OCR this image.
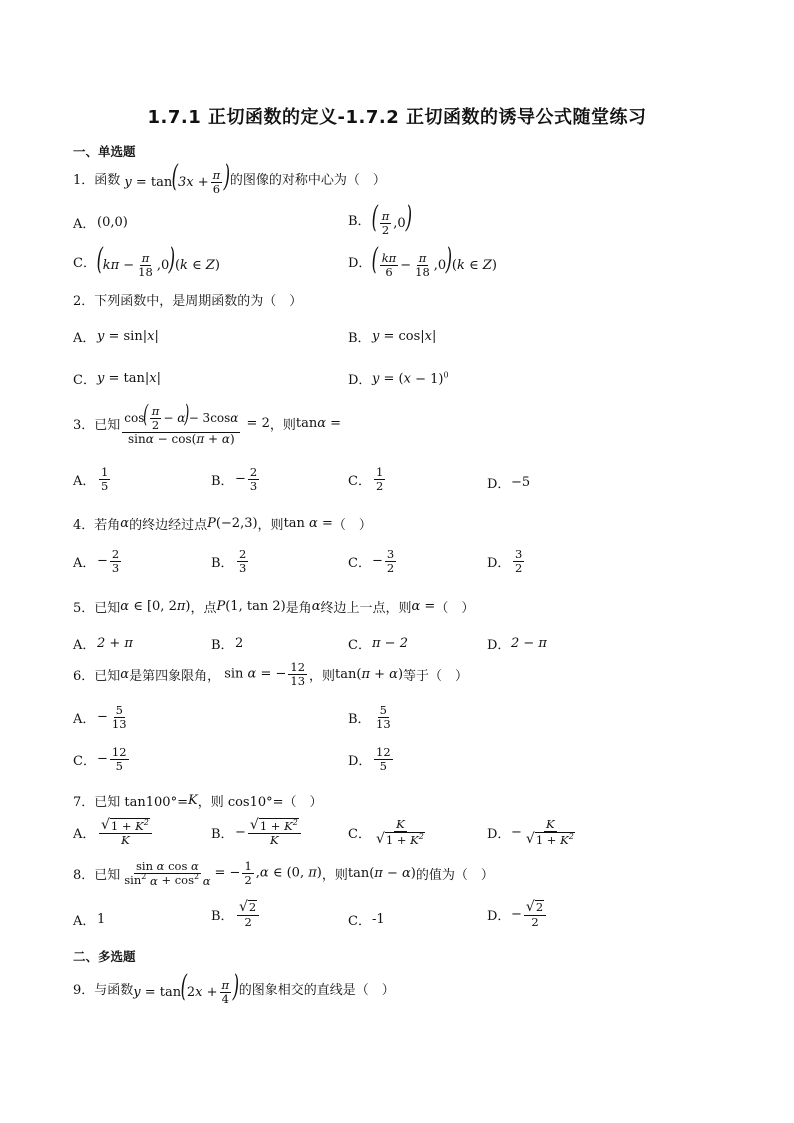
1.7.1 正切函数的定义-1.7.2 正切函数的诱导公式随堂练习
一、单选题
1．函数 $y = \tan(3x + \frac{\pi}{6}$ ) 的图像的对称中心为（　）
A． (0,0)	B． ( $\frac{\pi}{2} ,0$)
C． $(k\pi - \frac{\pi}{18} ,0)(k$ ∈ Z)	D． ( $\frac{k\pi}{6} - \frac{\pi}{18} ,0)(k$ ∈ Z)
2．下列函数中，是周期函数的为（　）
A． y = sin|x|	B． y = cos|x|
C． y = tan|x|	D． $y = (x - 1)^0$
3．已知 $\frac{\cos( \frac{\pi}{2} - \alpha)- 3\cos\alpha}{\sin\alpha - \cos(\pi + \alpha)} = 2$ ，则 tanα =
A． $\frac{1}{5}$	B． − $\frac{2}{3}$	C． $\frac{1}{2}$	D． −5
4．若角 α 的终边经过点 P(−2,3) ，则 tan α = （　）
A． − $\frac{2}{3}$	B． $\frac{2}{3}$	C． − $\frac{3}{2}$	D． $\frac{3}{2}$
5．已知 α ∈ [0, 2π) ，点 P(1, tan 2) 是角 α 终边上一点，则 α = （　）
A． 2 + π	B． 2	C． π − 2	D． 2 − π
6．已知 α 是第四象限角， sin α = − $\frac{12}{13}$ ，则 tan(π + α) 等于（　）
A． − $\frac{5}{13}$	B． $\frac{5}{13}$
C． − $\frac{12}{5}$	D． $\frac{12}{5}$
7．已知 tan100°= K ，则 cos10°=（　）
A． $\frac{√ 1 + K^2}{K}$	B． − $\frac{√ 1 + K^2}{K}$	C． $\frac{K}{√ 1 + K^2}$	D． − $\frac{K}{√ 1 + K^2}$
8．已知 $\frac{\text{sin α cos α}}{\sin^2 \alpha + \cos^2 \alpha}$ = − $\frac{1}{2} ,\alpha$ ∈ (0, π) ，则 tan(π − α) 的值为（　）
A． 1	B． $\frac{√ 2}{2}$	C． -1	D． − $\frac{√ 2}{2}$
二、多选题
9．与函数 $y = \tan(2x + \frac{\pi}{4}$ ) 的图象相交的直线是（　）
